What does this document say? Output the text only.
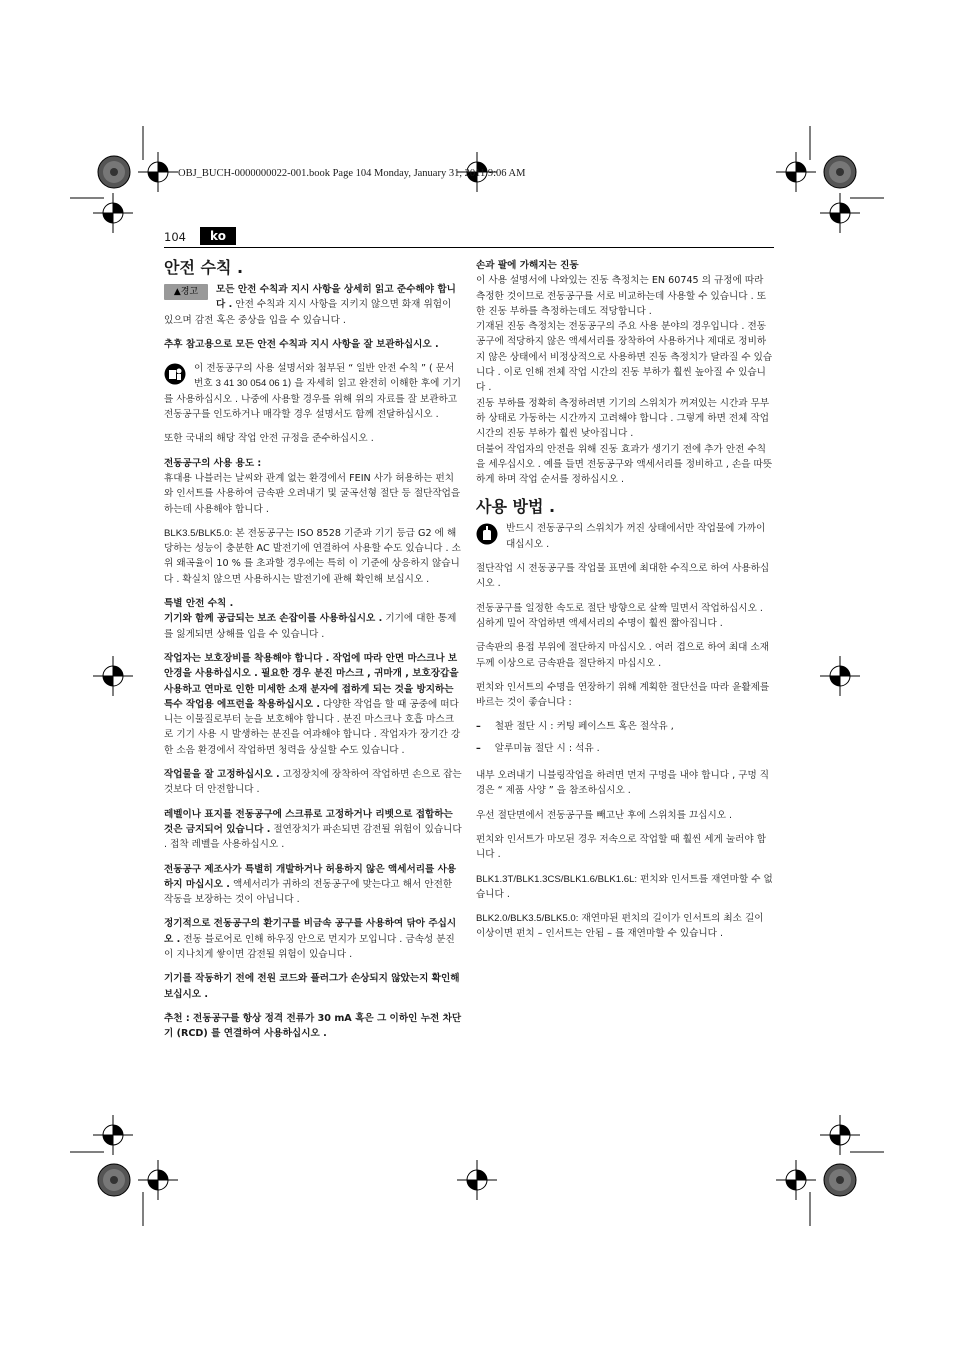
OBJ_BUCH-0000000022-001.book Page 104 Monday, January 31, 2011 9:06 AM
104	ko
안전 수칙 .

▲경고	모든 안전 수칙과 지시 사항을 상세히 읽고 준수해야 합니다 . 안전 수칙과 지시 사항을 지키지 않으면 화재 위험이 있으며 감전 혹은 중상을 입을 수 있습니다 .

추후 참고용으로 모든 안전 수칙과 지시 사항을 잘 보관하십시오 .

이 전동공구의 사용 설명서와 첨부된 “ 일반 안전 수칙 ” ( 문서 번호 3 41 30 054 06 1) 을 자세히 읽고 완전히 이해한 후에 기기를 사용하십시오 . 나중에 사용할 경우를 위해 위의 자료를 잘 보관하고 전동공구를 인도하거나 매각할 경우 설명서도 함께 전달하십시오 .

또한 국내의 해당 작업 안전 규정을 준수하십시오 .

전동공구의 사용 용도 :

휴대용 나블러는 날씨와 관계 없는 환경에서 FEIN 사가 허용하는 펀치와 인서트를 사용하여 금속판 오려내기 및 굴곡선형 절단 등 절단작업을 하는데 사용해야 합니다 .

BLK3.5/BLK5.0: 본 전동공구는 ISO 8528 기준과 기기 등급 G2 에 해당하는 성능이 충분한 AC 발전기에 연결하여 사용할 수도 있습니다 . 소위 왜곡율이 10 % 를 초과할 경우에는 특히 이 기준에 상응하지 않습니다 . 확실치 않으면 사용하시는 발전기에 관해 확인해 보십시오 .

특별 안전 수칙 .

기기와 함께 공급되는 보조 손잡이를 사용하십시오 . 기기에 대한 통제를 잃게되면 상해를 입을 수 있습니다 .

작업자는 보호장비를 착용해야 합니다 . 작업에 따라 안면 마스크나 보안경을 사용하십시오 . 필요한 경우 분진 마스크 , 귀마개 , 보호장갑을 사용하고 연마로 인한 미세한 소재 분자에 접하게 되는 것을 방지하는 특수 작업용 에프런을 착용하십시오 . 다양한 작업을 할 때 공중에 떠다니는 이물질로부터 눈을 보호해야 합니다 . 분진 마스크나 호흡 마스크로 기기 사용 시 발생하는 분진을 여과해야 합니다 . 작업자가 장기간 강한 소음 환경에서 작업하면 청력을 상실할 수도 있습니다 .

작업물을 잘 고정하십시오 . 고정장치에 장착하여 작업하면 손으로 잡는 것보다 더 안전합니다 .

레벨이나 표지를 전동공구에 스크류로 고정하거나 리벳으로 접합하는 것은 금지되어 있습니다 . 절연장치가 파손되면 감전될 위험이 있습니다 . 접착 레벨을 사용하십시오 .

전동공구 제조사가 특별히 개발하거나 허용하지 않은 액세서리를 사용하지 마십시오 . 액세서리가 귀하의 전동공구에 맞는다고 해서 안전한 작동을 보장하는 것이 아닙니다 .

정기적으로 전동공구의 환기구를 비금속 공구를 사용하여 닦아 주십시오 . 전동 블로어로 인해 하우징 안으로 먼지가 모입니다 . 금속성 분진이 지나치게 쌓이면 감전될 위험이 있습니다 .

기기를 작동하기 전에 전원 코드와 플러그가 손상되지 않았는지 확인해 보십시오 .

추천 : 전동공구를 항상 정격 전류가 30 mA 혹은 그 이하인 누전 차단기 (RCD) 를 연결하여 사용하십시오 .

손과 팔에 가해지는 진동

이 사용 설명서에 나와있는 진동 측정치는 EN 60745 의 규정에 따라 측정한 것이므로 전동공구를 서로 비교하는데 사용할 수 있습니다 . 또한 진동 부하를 측정하는데도 적당합니다 .

기재된 진동 측정치는 전동공구의 주요 사용 분야의 경우입니다 . 전동공구에 적당하지 않은 액세서리를 장착하여 사용하거나 제대로 정비하지 않은 상태에서 비정상적으로 사용하면 진동 측정치가 달라질 수 있습니다 . 이로 인해 전체 작업 시간의 진동 부하가 훨씬 높아질 수 있습니다 .

진동 부하를 정확히 측정하려면 기기의 스위치가 꺼져있는 시간과 무부하 상태로 가동하는 시간까지 고려해야 합니다 . 그렇게 하면 전체 작업 시간의 진동 부하가 훨씬 낮아집니다 .

더불어 작업자의 안전을 위해 진동 효과가 생기기 전에 추가 안전 수칙을 세우십시오 . 예를 들면 전동공구와 액세서리를 정비하고 , 손을 따뜻하게 하며 작업 순서를 정하십시오 .

사용 방법 .

반드시 전동공구의 스위치가 꺼진 상태에서만 작업물에 가까이 대십시오 .

절단작업 시 전동공구를 작업물 표면에 최대한 수직으로 하여 사용하십시오 .

전동공구를 일정한 속도로 절단 방향으로 살짝 밀면서 작업하십시오 . 심하게 밀어 작업하면 액세서리의 수명이 훨씬 짧아집니다 .

금속판의 용접 부위에 절단하지 마십시오 . 여러 겹으로 하여 최대 소재 두께 이상으로 금속판을 절단하지 마십시오 .

펀치와 인서트의 수명을 연장하기 위해 계획한 절단선을 따라 윤활제를 바르는 것이 좋습니다 :

– 철판 절단 시 : 커팅 페이스트 혹은 절삭유 ,
– 알루미늄 절단 시 : 석유 .

내부 오려내기 니블링작업을 하려면 먼저 구멍을 내야 합니다 , 구멍 직경은 “ 제품 사양 ” 을 참조하십시오 .

우선 절단면에서 전동공구를 빼고난 후에 스위치를 끄십시오 .

펀치와 인서트가 마모된 경우 저속으로 작업할 때 훨씬 세게 눌러야 합니다 .

BLK1.3T/BLK1.3CS/BLK1.6/BLK1.6L: 펀치와 인서트를 재연마할 수 없습니다 .

BLK2.0/BLK3.5/BLK5.0: 재연마된 펀치의 길이가 인서트의 최소 길이 이상이면 펀치 – 인서트는 안됨 – 를 재연마할 수 있습니다 .
